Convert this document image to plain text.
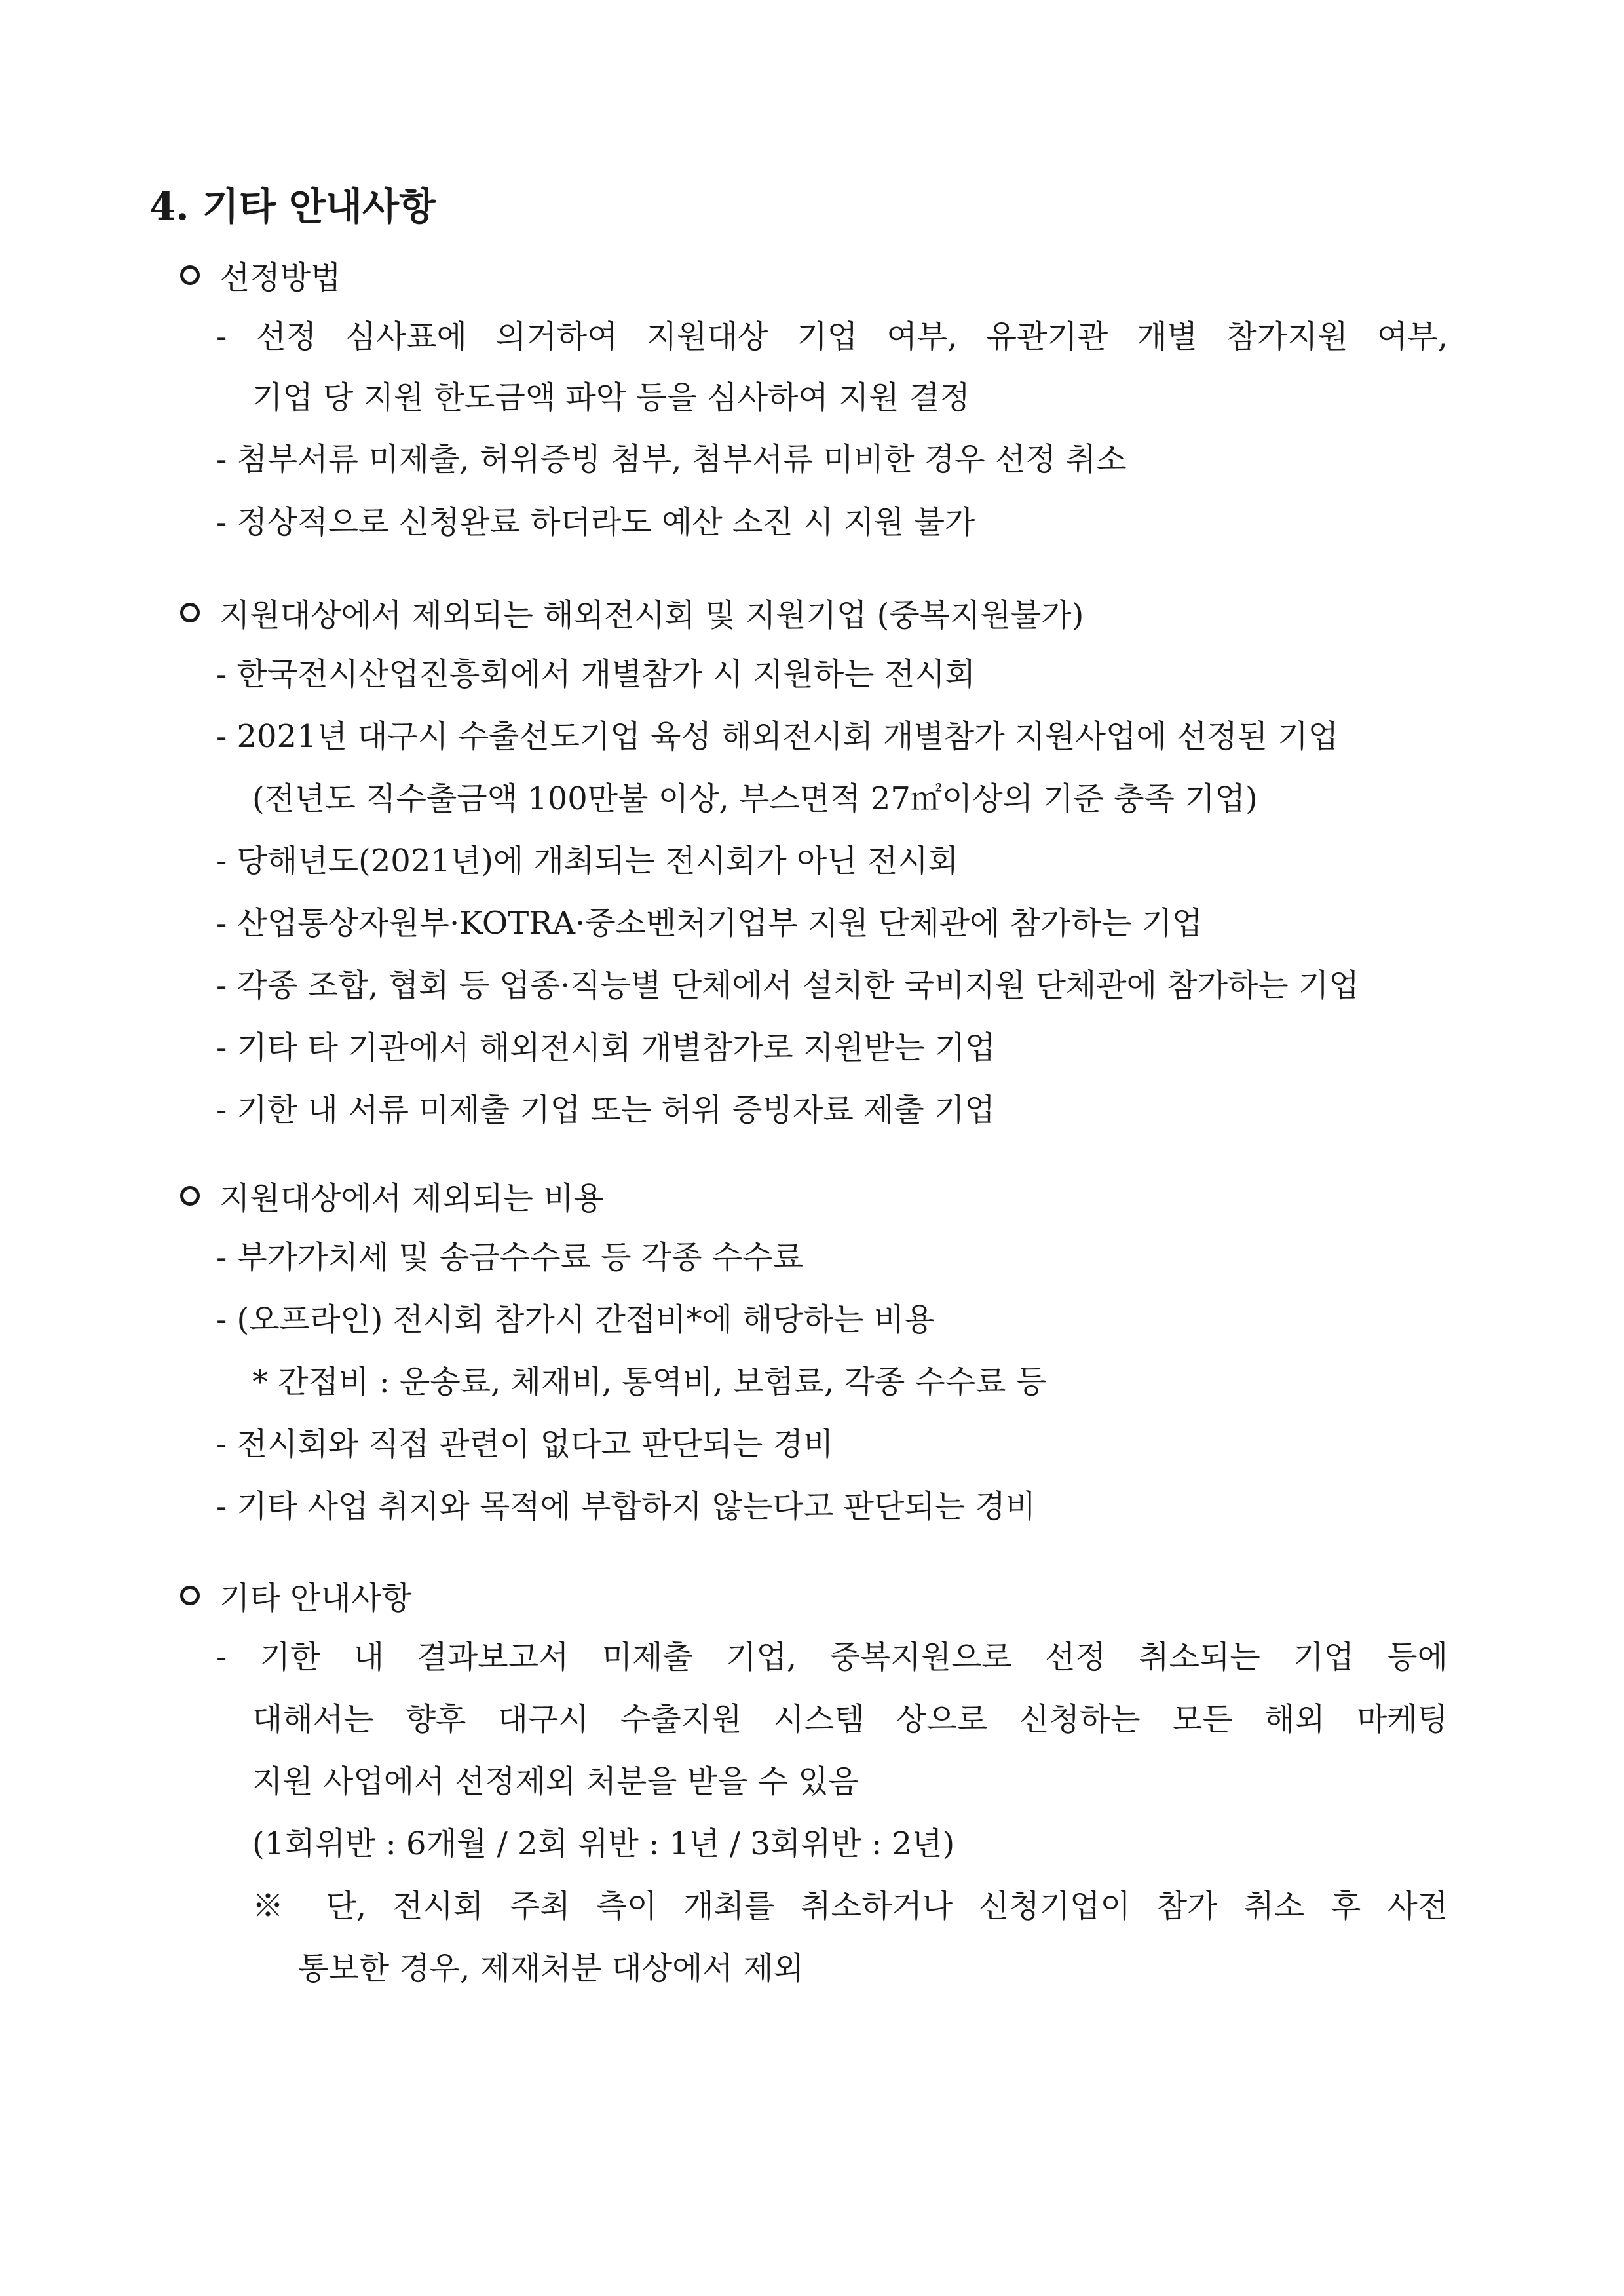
4. 기타 안내사항
선정방법
- 선정 심사표에 의거하여 지원대상 기업 여부, 유관기관 개별 참가지원 여부,
기업 당 지원 한도금액 파악 등을 심사하여 지원 결정
- 첨부서류 미제출, 허위증빙 첨부, 첨부서류 미비한 경우 선정 취소
- 정상적으로 신청완료 하더라도 예산 소진 시 지원 불가
지원대상에서 제외되는 해외전시회 및 지원기업 (중복지원불가)
- 한국전시산업진흥회에서 개별참가 시 지원하는 전시회
- 2021년 대구시 수출선도기업 육성 해외전시회 개별참가 지원사업에 선정된 기업
(전년도 직수출금액 100만불 이상, 부스면적 27㎡이상의 기준 충족 기업)
- 당해년도(2021년)에 개최되는 전시회가 아닌 전시회
- 산업통상자원부·KOTRA·중소벤처기업부 지원 단체관에 참가하는 기업
- 각종 조합, 협회 등 업종·직능별 단체에서 설치한 국비지원 단체관에 참가하는 기업
- 기타 타 기관에서 해외전시회 개별참가로 지원받는 기업
- 기한 내 서류 미제출 기업 또는 허위 증빙자료 제출 기업
지원대상에서 제외되는 비용
- 부가가치세 및 송금수수료 등 각종 수수료
- (오프라인) 전시회 참가시 간접비*에 해당하는 비용
* 간접비 : 운송료, 체재비, 통역비, 보험료, 각종 수수료 등
- 전시회와 직접 관련이 없다고 판단되는 경비
- 기타 사업 취지와 목적에 부합하지 않는다고 판단되는 경비
기타 안내사항
- 기한 내 결과보고서 미제출 기업, 중복지원으로 선정 취소되는 기업 등에
대해서는 향후 대구시 수출지원 시스템 상으로 신청하는 모든 해외 마케팅
지원 사업에서 선정제외 처분을 받을 수 있음
(1회위반 : 6개월 / 2회 위반 : 1년 / 3회위반 : 2년)
※ 단, 전시회 주최 측이 개최를 취소하거나 신청기업이 참가 취소 후 사전
통보한 경우, 제재처분 대상에서 제외
